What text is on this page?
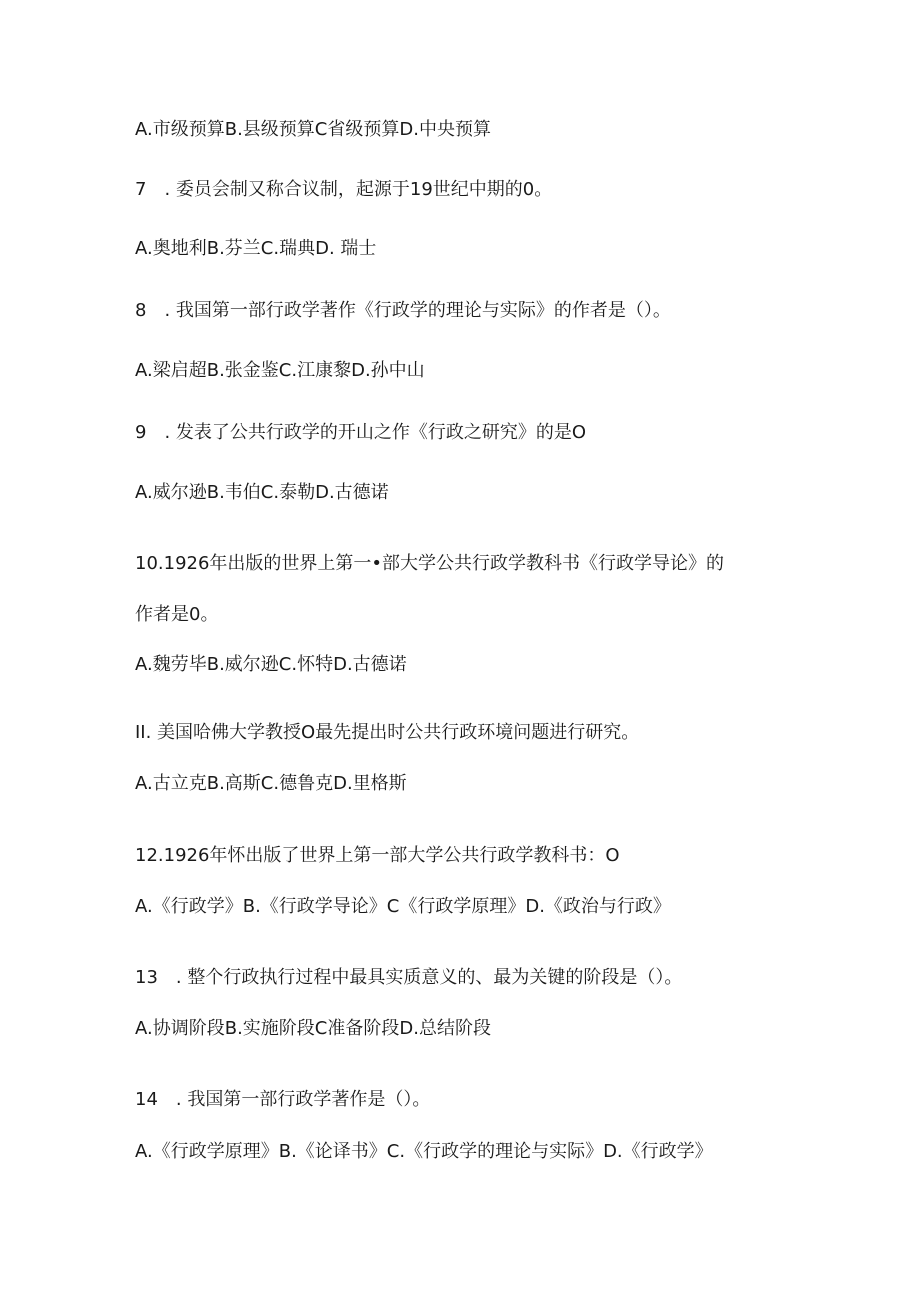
A.市级预算B.县级预算C省级预算D.中央预算
7　. 委员会制又称合议制，起源于19世纪中期的0。
A.奥地利B.芬兰C.瑞典D. 瑞士
8　. 我国第一部行政学著作《行政学的理论与实际》的作者是（）。
A.梁启超B.张金鉴C.江康黎D.孙中山
9　. 发表了公共行政学的开山之作《行政之研究》的是O
A.威尔逊B.韦伯C.泰勒D.古德诺
10.1926年出版的世界上第一•部大学公共行政学教科书《行政学导论》的
作者是0。
A.魏劳毕B.威尔逊C.怀特D.古德诺
II. 美国哈佛大学教授O最先提出时公共行政环境问题进行研究。
A.古立克B.高斯C.德鲁克D.里格斯
12.1926年怀出版了世界上第一部大学公共行政学教科书：O
A.《行政学》B.《行政学导论》C《行政学原理》D.《政治与行政》
13　. 整个行政执行过程中最具实质意义的、最为关键的阶段是（）。
A.协调阶段B.实施阶段C准备阶段D.总结阶段
14　. 我国第一部行政学著作是（）。
A.《行政学原理》B.《论译书》C.《行政学的理论与实际》D.《行政学》
